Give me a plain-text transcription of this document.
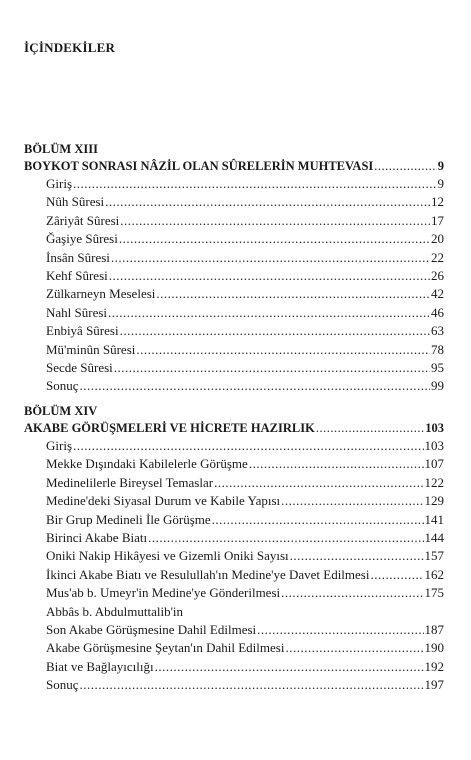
İÇİNDEKİLER
BÖLÜM XIII
BOYKOT SONRASI NÂZİL OLAN SÛRELERİN MUHTEVASI .....	9
Giriş .....	9
Nûh Sûresi .....	12
Zâriyât Sûresi .....	17
Ğaşiye Sûresi .....	20
İnsân Sûresi .....	22
Kehf Sûresi .....	26
Zülkarneyn Meselesi .....	42
Nahl Sûresi .....	46
Enbiyâ Sûresi .....	63
Mü'minûn Sûresi .....	78
Secde Sûresi .....	95
Sonuç .....	99
BÖLÜM XIV
AKABE GÖRÜŞMELERİ VE HİCRETE HAZIRLIK .....	103
Giriş .....	103
Mekke Dışındaki Kabilelerle Görüşme .....	107
Medinelilerle Bireysel Temaslar .....	122
Medine'deki Siyasal Durum ve Kabile Yapısı .....	129
Bir Grup Medineli İle Görüşme .....	141
Birinci Akabe Biatı .....	144
Oniki Nakip Hikâyesi ve Gizemli Oniki Sayısı .....	157
İkinci Akabe Biatı ve Resulullah'ın Medine'ye Davet Edilmesi .....	162
Mus'ab b. Umeyr'in Medine'ye Gönderilmesi .....	175
Abbâs b. Abdulmuttalib'in
Son Akabe Görüşmesine Dahil Edilmesi .....	187
Akabe Görüşmesine Şeytan'ın Dahil Edilmesi .....	190
Biat ve Bağlayıcılığı .....	192
Sonuç .....	197
